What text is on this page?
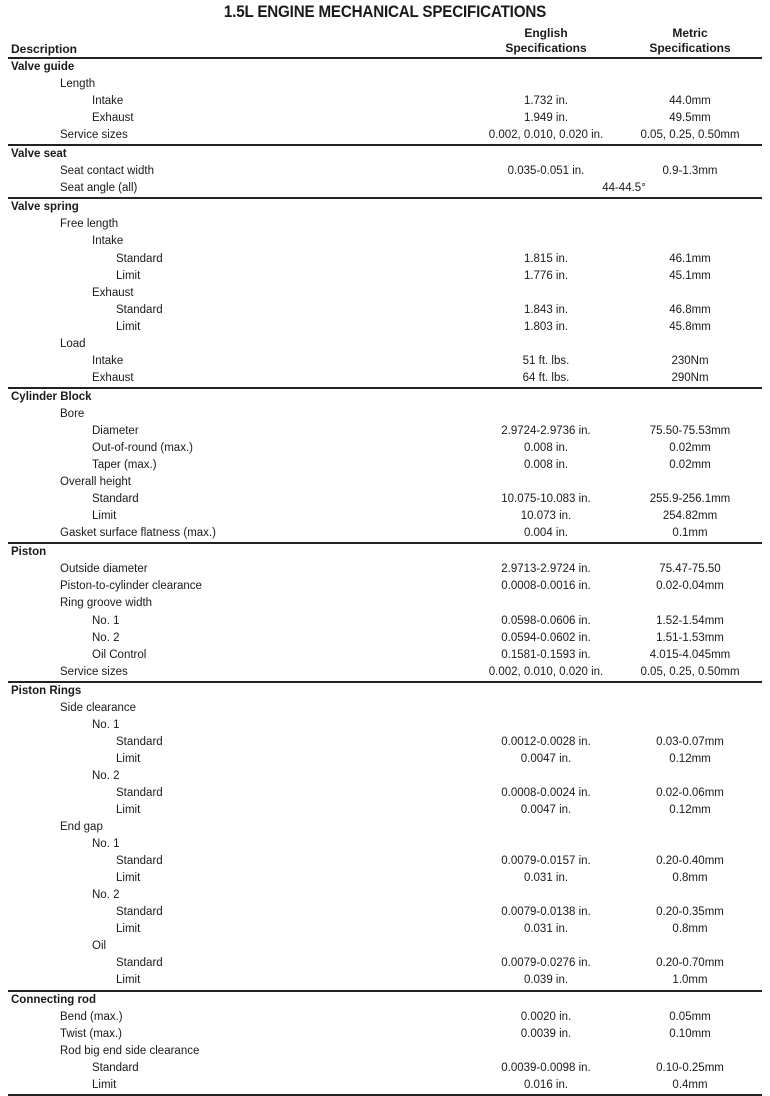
1.5L ENGINE MECHANICAL SPECIFICATIONS
Description
English
Specifications
Metric
Specifications
Valve guide
Length
Intake	1.732 in.	44.0mm
Exhaust	1.949 in.	49.5mm
Service sizes	0.002, 0.010, 0.020 in.	0.05, 0.25, 0.50mm
Valve seat
Seat contact width	0.035-0.051 in.	0.9-1.3mm
Seat angle (all)	44-44.5°
Valve spring
Free length
Intake
Standard	1.815 in.	46.1mm
Limit	1.776 in.	45.1mm
Exhaust
Standard	1.843 in.	46.8mm
Limit	1.803 in.	45.8mm
Load
Intake	51 ft. lbs.	230Nm
Exhaust	64 ft. lbs.	290Nm
Cylinder Block
Bore
Diameter	2.9724-2.9736 in.	75.50-75.53mm
Out-of-round (max.)	0.008 in.	0.02mm
Taper (max.)	0.008 in.	0.02mm
Overall height
Standard	10.075-10.083 in.	255.9-256.1mm
Limit	10.073 in.	254.82mm
Gasket surface flatness (max.)	0.004 in.	0.1mm
Piston
Outside diameter	2.9713-2.9724 in.	75.47-75.50
Piston-to-cylinder clearance	0.0008-0.0016 in.	0.02-0.04mm
Ring groove width
No. 1	0.0598-0.0606 in.	1.52-1.54mm
No. 2	0.0594-0.0602 in.	1.51-1.53mm
Oil Control	0.1581-0.1593 in.	4.015-4.045mm
Service sizes	0.002, 0.010, 0.020 in.	0.05, 0.25, 0.50mm
Piston Rings
Side clearance
No. 1
Standard	0.0012-0.0028 in.	0.03-0.07mm
Limit	0.0047 in.	0.12mm
No. 2
Standard	0.0008-0.0024 in.	0.02-0.06mm
Limit	0.0047 in.	0.12mm
End gap
No. 1
Standard	0.0079-0.0157 in.	0.20-0.40mm
Limit	0.031 in.	0.8mm
No. 2
Standard	0.0079-0.0138 in.	0.20-0.35mm
Limit	0.031 in.	0.8mm
Oil
Standard	0.0079-0.0276 in.	0.20-0.70mm
Limit	0.039 in.	1.0mm
Connecting rod
Bend (max.)	0.0020 in.	0.05mm
Twist (max.)	0.0039 in.	0.10mm
Rod big end side clearance
Standard	0.0039-0.0098 in.	0.10-0.25mm
Limit	0.016 in.	0.4mm
